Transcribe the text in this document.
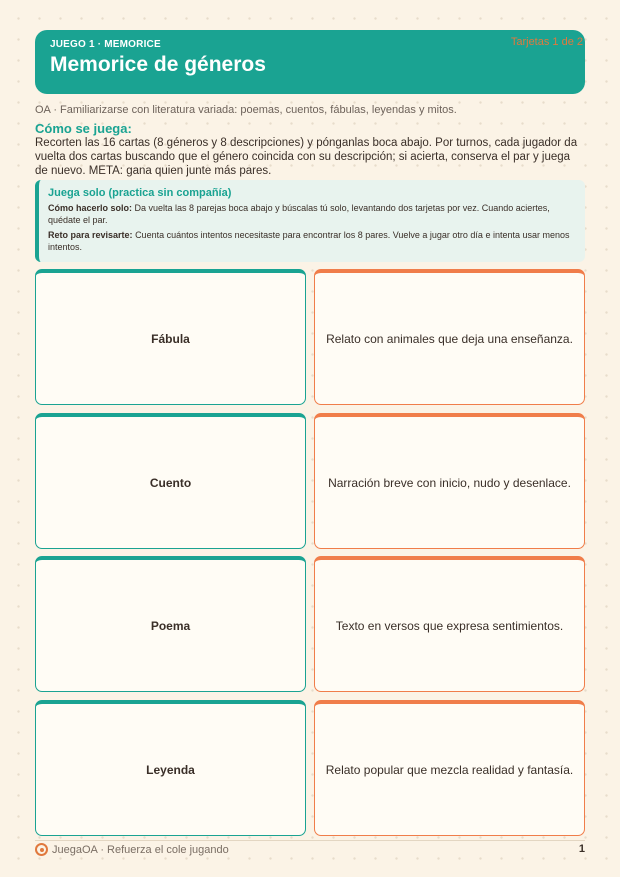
JUEGO 1 · MEMORICE
Memorice de géneros
Tarjetas 1 de 2
OA · Familiarizarse con literatura variada: poemas, cuentos, fábulas, leyendas y mitos.
Cómo se juega:
Recorten las 16 cartas (8 géneros y 8 descripciones) y pónganlas boca abajo. Por turnos, cada jugador da vuelta dos cartas buscando que el género coincida con su descripción; si acierta, conserva el par y juega de nuevo. META: gana quien junte más pares.
Juega solo (practica sin compañía)
Cómo hacerlo solo: Da vuelta las 8 parejas boca abajo y búscalas tú solo, levantando dos tarjetas por vez. Cuando aciertes, quédate el par.
Reto para revisarte: Cuenta cuántos intentos necesitaste para encontrar los 8 pares. Vuelve a jugar otro día e intenta usar menos intentos.
Fábula	Relato con animales que deja una enseñanza.
Cuento	Narración breve con inicio, nudo y desenlace.
Poema	Texto en versos que expresa sentimientos.
Leyenda	Relato popular que mezcla realidad y fantasía.
JuegaOA · Refuerza el cole jugando	1
